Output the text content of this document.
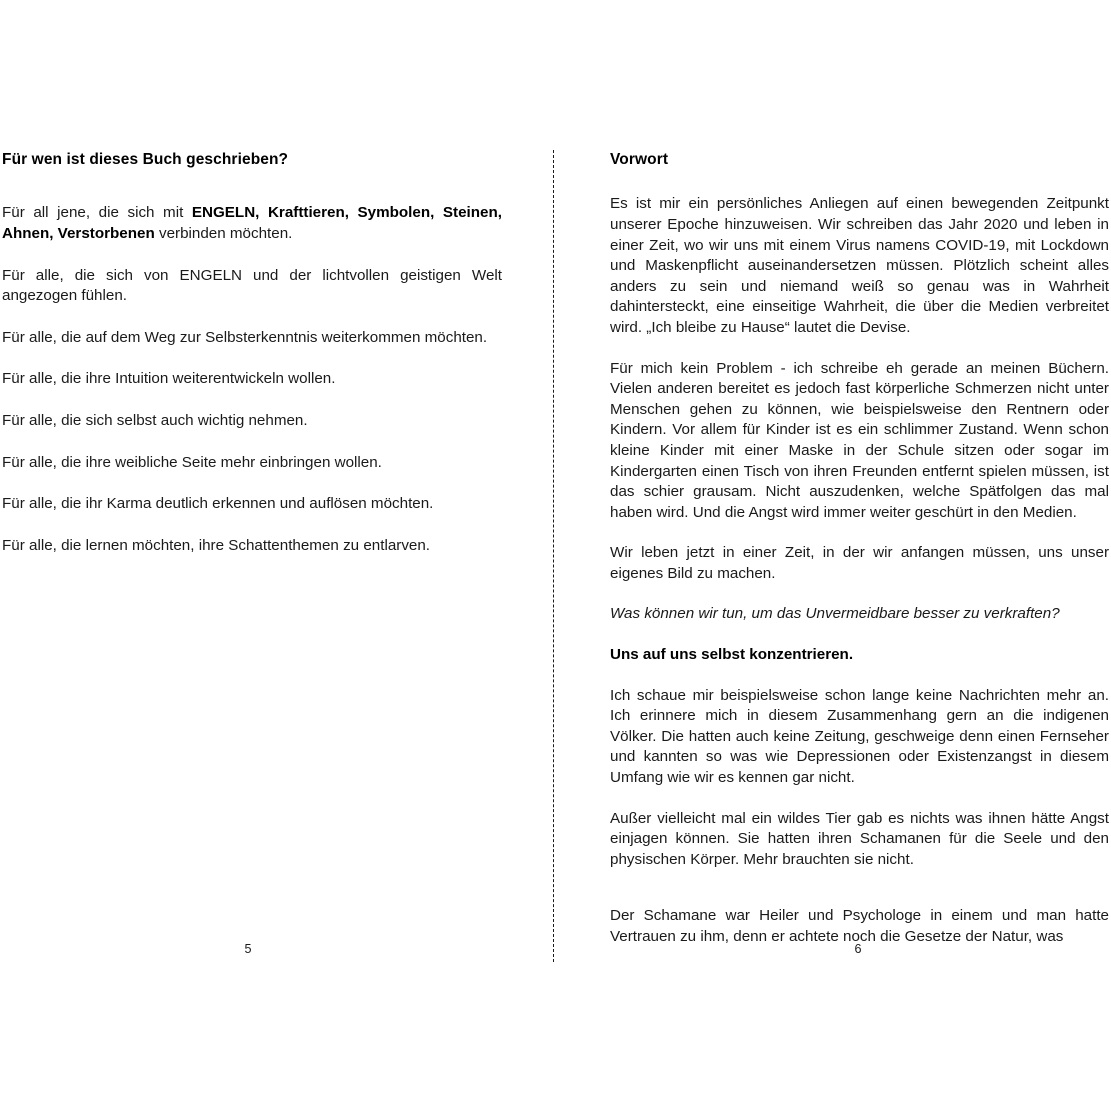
Für wen ist dieses Buch geschrieben?

Für all jene, die sich mit ENGELN, Krafttieren, Symbolen, Steinen, Ahnen, Verstorbenen verbinden möchten.

Für alle, die sich von ENGELN und der lichtvollen geistigen Welt angezogen fühlen.

Für alle, die auf dem Weg zur Selbsterkenntnis weiterkommen möchten.

Für alle, die ihre Intuition weiterentwickeln wollen.

Für alle, die sich selbst auch wichtig nehmen.

Für alle, die ihre weibliche Seite mehr einbringen wollen.

Für alle, die ihr Karma deutlich erkennen und auflösen möchten.

Für alle, die lernen möchten, ihre Schattenthemen zu entlarven.

Vorwort

Es ist mir ein persönliches Anliegen auf einen bewegenden Zeitpunkt unserer Epoche hinzuweisen. Wir schreiben das Jahr 2020 und leben in einer Zeit, wo wir uns mit einem Virus namens COVID-19, mit Lockdown und Maskenpflicht auseinandersetzen müssen. Plötzlich scheint alles anders zu sein und niemand weiß so genau was in Wahrheit dahintersteckt, eine einseitige Wahrheit, die über die Medien verbreitet wird. „Ich bleibe zu Hause“ lautet die Devise.

Für mich kein Problem - ich schreibe eh gerade an meinen Büchern. Vielen anderen bereitet es jedoch fast körperliche Schmerzen nicht unter Menschen gehen zu können, wie beispielsweise den Rentnern oder Kindern. Vor allem für Kinder ist es ein schlimmer Zustand. Wenn schon kleine Kinder mit einer Maske in der Schule sitzen oder sogar im Kindergarten einen Tisch von ihren Freunden entfernt spielen müssen, ist das schier grausam. Nicht auszudenken, welche Spätfolgen das mal haben wird. Und die Angst wird immer weiter geschürt in den Medien.

Wir leben jetzt in einer Zeit, in der wir anfangen müssen, uns unser eigenes Bild zu machen.

Was können wir tun, um das Unvermeidbare besser zu verkraften?

Uns auf uns selbst konzentrieren.

Ich schaue mir beispielsweise schon lange keine Nachrichten mehr an. Ich erinnere mich in diesem Zusammenhang gern an die indigenen Völker. Die hatten auch keine Zeitung, geschweige denn einen Fernseher und kannten so was wie Depressionen oder Existenzangst in diesem Umfang wie wir es kennen gar nicht.

Außer vielleicht mal ein wildes Tier gab es nichts was ihnen hätte Angst einjagen können. Sie hatten ihren Schamanen für die Seele und den physischen Körper. Mehr brauchten sie nicht.

Der Schamane war Heiler und Psychologe in einem und man hatte Vertrauen zu ihm, denn er achtete noch die Gesetze der Natur, was

5	6
